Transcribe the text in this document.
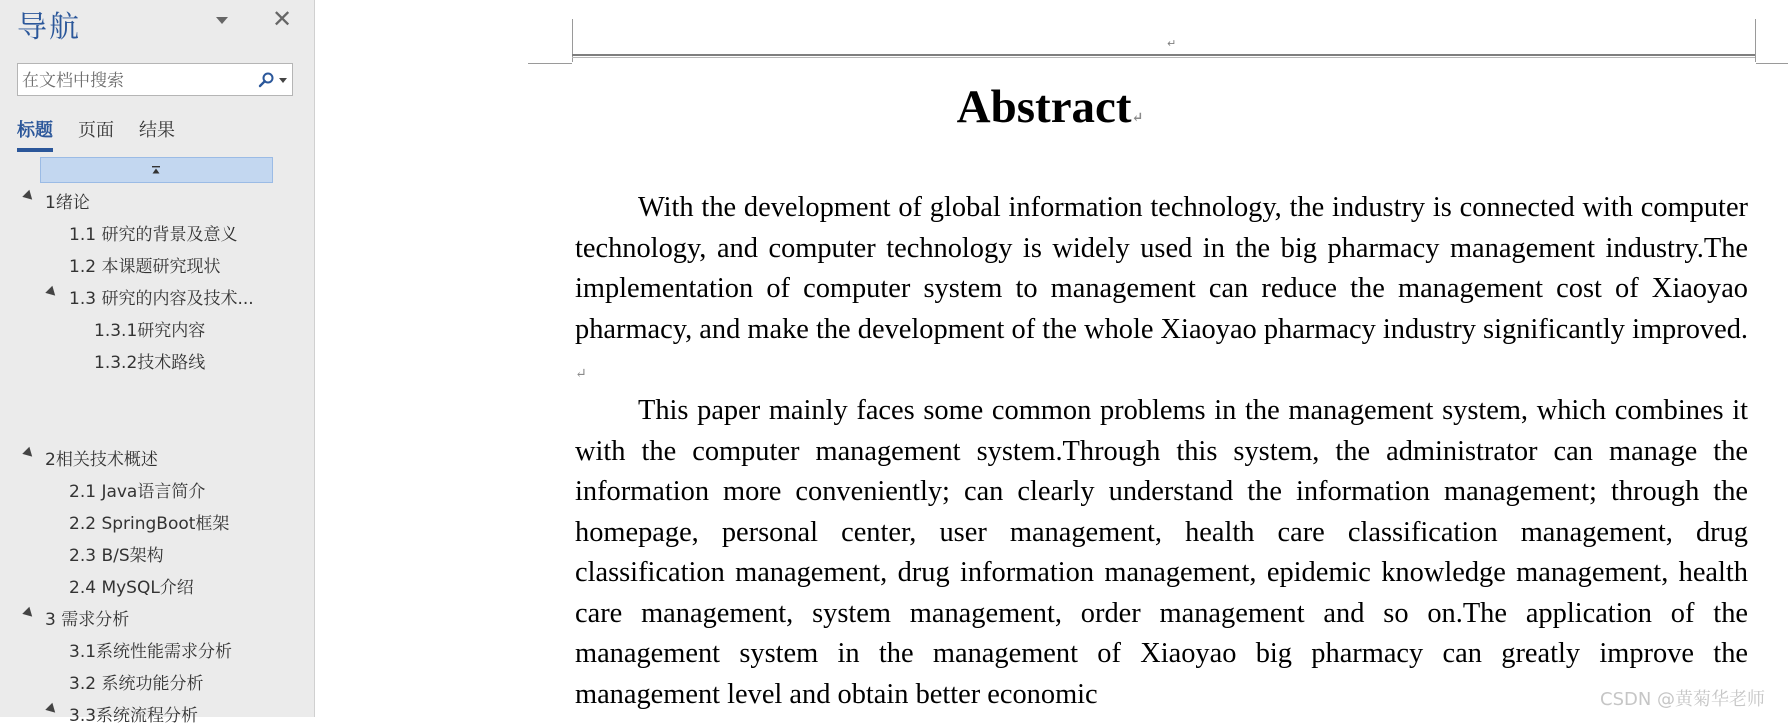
导航	✕
在文档中搜索
标题 页面 结果
1绪论
1.1 研究的背景及意义
1.2 本课题研究现状
1.3 研究的内容及技术...
1.3.1研究内容
1.3.2技术路线
2相关技术概述
2.1 Java语言简介
2.2 SpringBoot框架
2.3 B/S架构
2.4 MySQL介绍
3 需求分析
3.1系统性能需求分析
3.2 系统功能分析
3.3系统流程分析
↵
Abstract↵

With the development of global information technology, the industry is connected with computer technology, and computer technology is widely used in the big pharmacy management industry.The implementation of computer system to management can reduce the management cost of Xiaoyao pharmacy, and make the development of the whole Xiaoyao pharmacy industry significantly improved. ↵

This paper mainly faces some common problems in the management system, which combines it with the computer management system.Through this system, the administrator can manage the information more conveniently; can clearly understand the information management; through the homepage, personal center, user management, health care classification management, drug classification management, drug information management, epidemic knowledge management, health care management, system management, order management and so on.The application of the management system in the management of Xiaoyao big pharmacy can greatly improve the management level and obtain better economic	CSDN @黄菊华老师
